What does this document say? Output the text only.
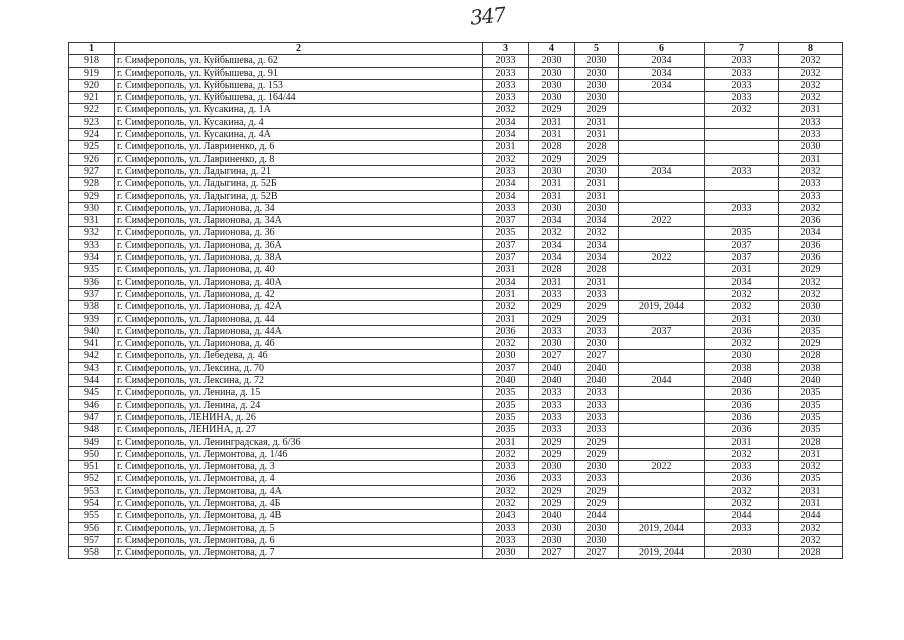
347
1	2	3	4	5	6	7	8
918	г. Симферополь, ул. Куйбышева, д. 62	2033	2030	2030	2034	2033	2032
919	г. Симферополь, ул. Куйбышева, д. 91	2033	2030	2030	2034	2033	2032
920	г. Симферополь, ул. Куйбышева, д. 153	2033	2030	2030	2034	2033	2032
921	г. Симферополь, ул. Куйбышева, д. 164/44	2033	2030	2030		2033	2032
922	г. Симферополь, ул. Кусакина, д. 1А	2032	2029	2029		2032	2031
923	г. Симферополь, ул. Кусакина, д. 4	2034	2031	2031			2033
924	г. Симферополь, ул. Кусакина, д. 4А	2034	2031	2031			2033
925	г. Симферополь, ул. Лавриненко, д. 6	2031	2028	2028			2030
926	г. Симферополь, ул. Лавриненко, д. 8	2032	2029	2029			2031
927	г. Симферополь, ул. Ладыгина, д. 21	2033	2030	2030	2034	2033	2032
928	г. Симферополь, ул. Ладыгина, д. 52Б	2034	2031	2031			2033
929	г. Симферополь, ул. Ладыгина, д. 52В	2034	2031	2031			2033
930	г. Симферополь, ул. Ларионова, д. 34	2033	2030	2030		2033	2032
931	г. Симферополь, ул. Ларионова, д. 34А	2037	2034	2034	2022		2036
932	г. Симферополь, ул. Ларионова, д. 36	2035	2032	2032		2035	2034
933	г. Симферополь, ул. Ларионова, д. 36А	2037	2034	2034		2037	2036
934	г. Симферополь, ул. Ларионова, д. 38А	2037	2034	2034	2022	2037	2036
935	г. Симферополь, ул. Ларионова, д. 40	2031	2028	2028		2031	2029
936	г. Симферополь, ул. Ларионова, д. 40А	2034	2031	2031		2034	2032
937	г. Симферополь, ул. Ларионова, д. 42	2031	2033	2033		2032	2032
938	г. Симферополь, ул. Ларионова, д. 42А	2032	2029	2029	2019, 2044	2032	2030
939	г. Симферополь, ул. Ларионова, д. 44	2031	2029	2029		2031	2030
940	г. Симферополь, ул. Ларионова, д. 44А	2036	2033	2033	2037	2036	2035
941	г. Симферополь, ул. Ларионова, д. 46	2032	2030	2030		2032	2029
942	г. Симферополь, ул. Лебедева, д. 46	2030	2027	2027		2030	2028
943	г. Симферополь, ул. Лексина, д. 70	2037	2040	2040		2038	2038
944	г. Симферополь, ул. Лексина, д. 72	2040	2040	2040	2044	2040	2040
945	г. Симферополь, ул. Ленина, д. 15	2035	2033	2033		2036	2035
946	г. Симферополь, ул. Ленина, д. 24	2035	2033	2033		2036	2035
947	г. Симферополь, ЛЕНИНА, д. 26	2035	2033	2033		2036	2035
948	г. Симферополь, ЛЕНИНА, д. 27	2035	2033	2033		2036	2035
949	г. Симферополь, ул. Ленинградская, д. 6/36	2031	2029	2029		2031	2028
950	г. Симферополь, ул. Лермонтова, д. 1/46	2032	2029	2029		2032	2031
951	г. Симферополь, ул. Лермонтова, д. 3	2033	2030	2030	2022	2033	2032
952	г. Симферополь, ул. Лермонтова, д. 4	2036	2033	2033		2036	2035
953	г. Симферополь, ул. Лермонтова, д. 4А	2032	2029	2029		2032	2031
954	г. Симферополь, ул. Лермонтова, д. 4Б	2032	2029	2029		2032	2031
955	г. Симферополь, ул. Лермонтова, д. 4В	2043	2040	2044		2044	2044
956	г. Симферополь, ул. Лермонтова, д. 5	2033	2030	2030	2019, 2044	2033	2032
957	г. Симферополь, ул. Лермонтова, д. 6	2033	2030	2030			2032
958	г. Симферополь, ул. Лермонтова, д. 7	2030	2027	2027	2019, 2044	2030	2028
